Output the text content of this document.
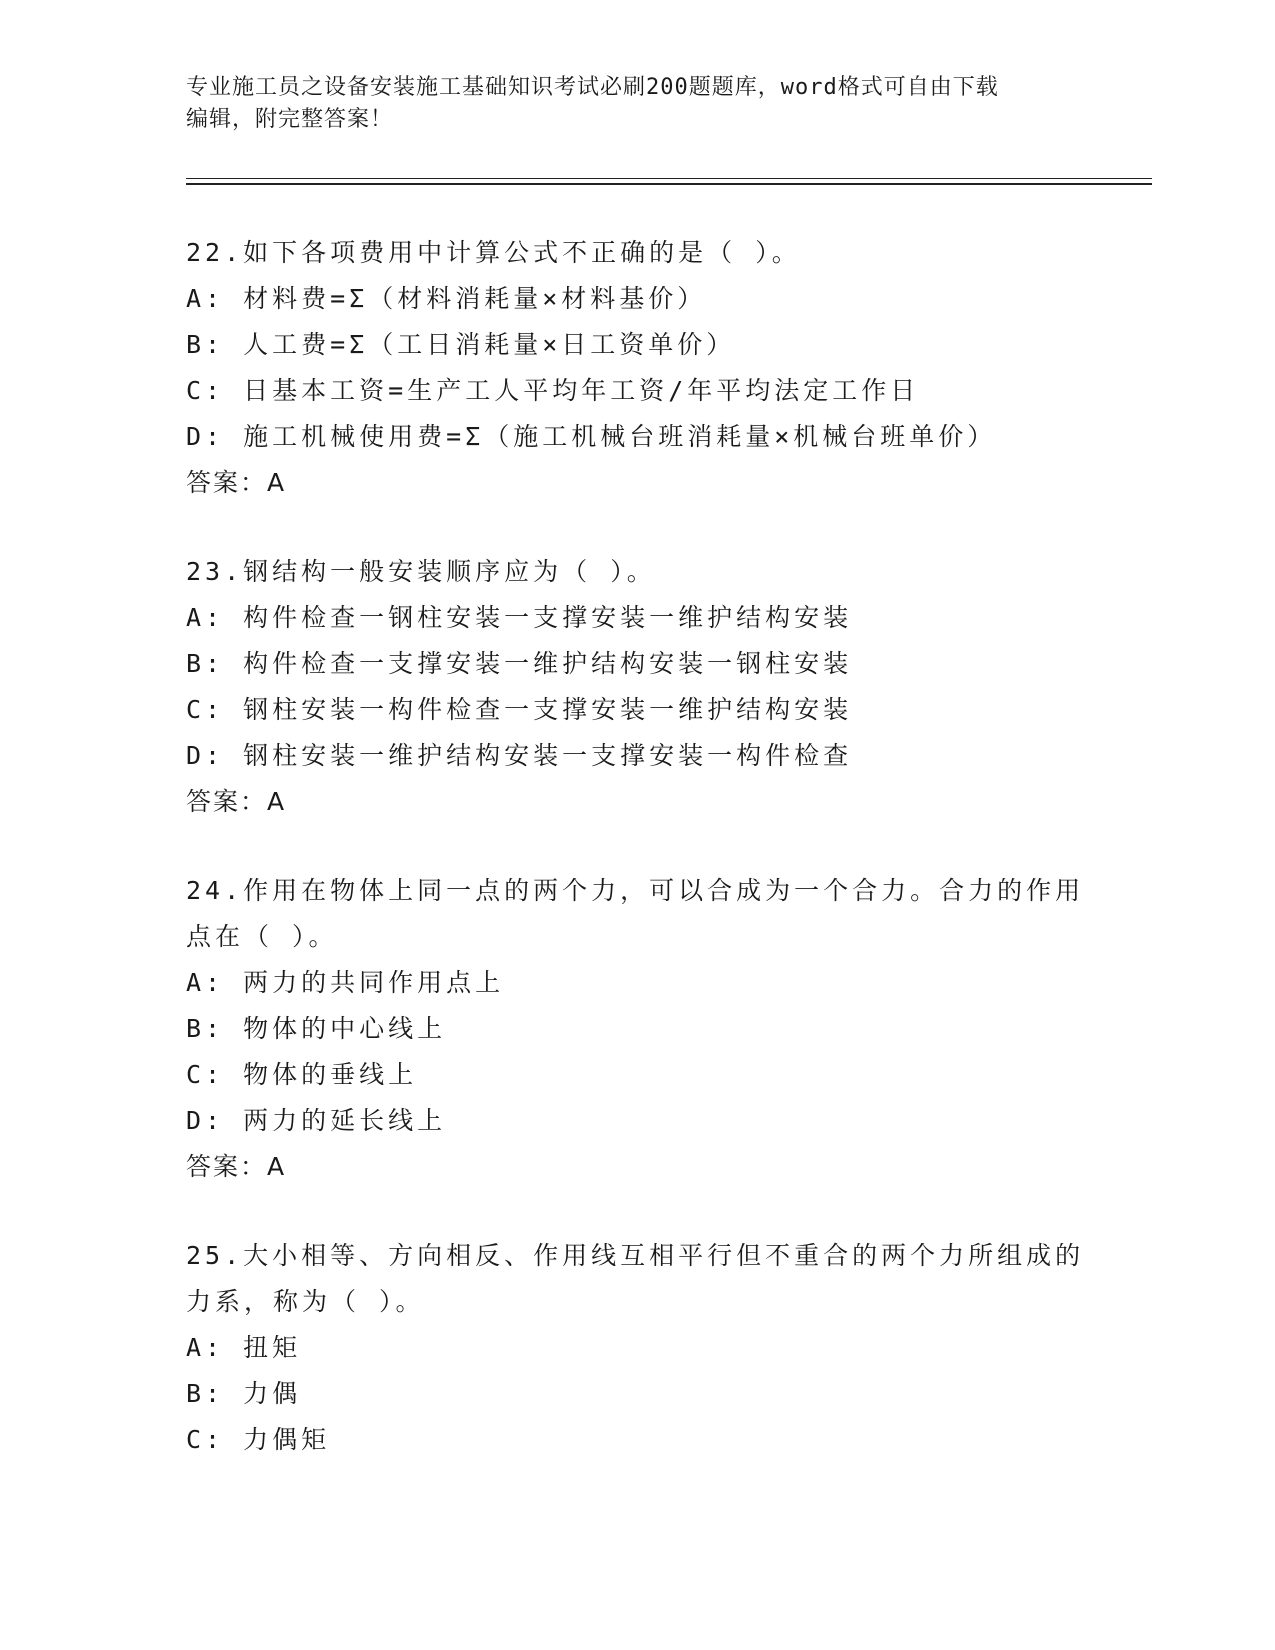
专业施工员之设备安装施工基础知识考试必刷200题题库，word格式可自由下载
编辑，附完整答案！
22.如下各项费用中计算公式不正确的是（ ）。
A: 材料费=Σ（材料消耗量×材料基价）
B: 人工费=Σ（工日消耗量×日工资单价）
C: 日基本工资=生产工人平均年工资/年平均法定工作日
D: 施工机械使用费=Σ（施工机械台班消耗量×机械台班单价）
答案：A
23.钢结构一般安装顺序应为（ ）。
A: 构件检查一钢柱安装一支撑安装一维护结构安装
B: 构件检查一支撑安装一维护结构安装一钢柱安装
C: 钢柱安装一构件检查一支撑安装一维护结构安装
D: 钢柱安装一维护结构安装一支撑安装一构件检查
答案：A
24.作用在物体上同一点的两个力，可以合成为一个合力。合力的作用点在（ ）。
A: 两力的共同作用点上
B: 物体的中心线上
C: 物体的垂线上
D: 两力的延长线上
答案：A
25.大小相等、方向相反、作用线互相平行但不重合的两个力所组成的力系，称为（ ）。
A: 扭矩
B: 力偶
C: 力偶矩
